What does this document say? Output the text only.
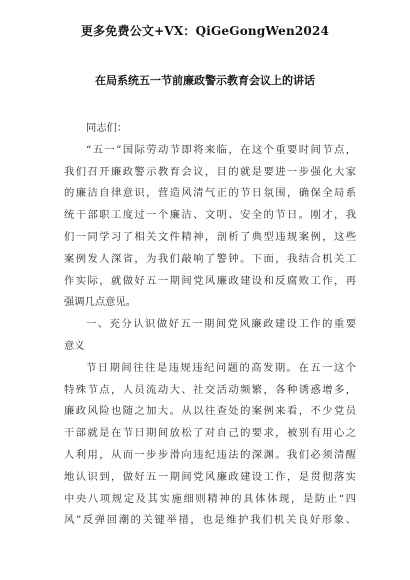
更多免费公文+VX：QiGeGongWen2024
在局系统五一节前廉政警示教育会议上的讲话
同志们：
“五一”国际劳动节即将来临，在这个重要时间节点，
我们召开廉政警示教育会议，目的就是要进一步强化大家
的廉洁自律意识，营造风清气正的节日氛围，确保全局系
统干部职工度过一个廉洁、文明、安全的节日。刚才，我
们一同学习了相关文件精神，剖析了典型违规案例，这些
案例发人深省，为我们敲响了警钟。下面，我结合机关工
作实际，就做好五一期间党风廉政建设和反腐败工作，再
强调几点意见。
一、充分认识做好五一期间党风廉政建设工作的重要
意义
节日期间往往是违规违纪问题的高发期。在五一这个
特殊节点，人员流动大、社交活动频繁，各种诱惑增多，
廉政风险也随之加大。从以往查处的案例来看，不少党员
干部就是在节日期间放松了对自己的要求，被别有用心之
人利用，从而一步步滑向违纪违法的深渊。我们必须清醒
地认识到，做好五一期间党风廉政建设工作，是贯彻落实
中央八项规定及其实施细则精神的具体体现，是防止“四
风”反弹回潮的关键举措，也是维护我们机关良好形象、
